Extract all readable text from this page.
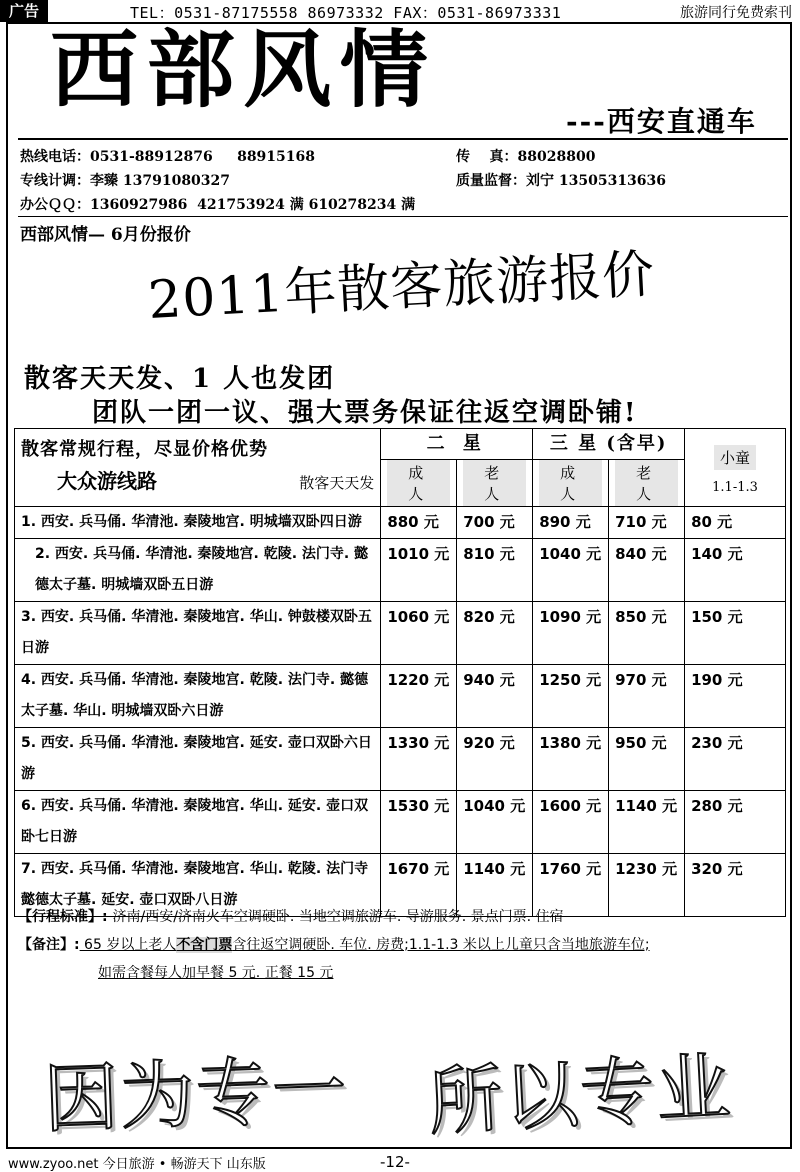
广告	TEL：0531-87175558 86973332 FAX：0531-86973331	旅游同行免费索刊
西部风情
---西安直通车
热线电话：0531-88912876     88915168	传    真：88028800
专线计调：李臻 13791080327	质量监督：刘宁 13505313636
办公ＱＱ：1360927986  421753924 满 610278234 满
西部风情— 6月份报价
2011年散客旅游报价
散客天天发、1 人也发团
团队一团一议、强大票务保证往返空调卧铺!
散客常规行程，尽显价格优势
大众游线路 散客天天发	二 星		三 星 (含早)		小童
1.1-1.3

	成 人	老 人	成 人	老 人	
1. 西安. 兵马俑. 华清池. 秦陵地宫. 明城墙双卧四日游	880 元	700 元	890 元	710 元	80 元
2. 西安. 兵马俑. 华清池. 秦陵地宫. 乾陵. 法门寺. 懿德太子墓. 明城墙双卧五日游	1010 元	810 元	1040 元	840 元	140 元
3. 西安. 兵马俑. 华清池. 秦陵地宫. 华山. 钟鼓楼双卧五日游	1060 元	820 元	1090 元	850 元	150 元
4. 西安. 兵马俑. 华清池. 秦陵地宫. 乾陵. 法门寺. 懿德太子墓. 华山. 明城墙双卧六日游	1220 元	940 元	1250 元	970 元	190 元
5. 西安. 兵马俑. 华清池. 秦陵地宫. 延安. 壶口双卧六日游	1330 元	920 元	1380 元	950 元	230 元
6. 西安. 兵马俑. 华清池. 秦陵地宫. 华山. 延安. 壶口双卧七日游	1530 元	1040 元	1600 元	1140 元	280 元
7. 西安. 兵马俑. 华清池. 秦陵地宫. 华山. 乾陵. 法门寺懿德太子墓. 延安. 壶口双卧八日游	1670 元	1140 元	1760 元	1230 元	320 元
【行程标准】: 济南/西安/济南火车空调硬卧. 当地空调旅游车. 导游服务. 景点门票. 住宿
【备注】: 65 岁以上老人不含门票含往返空调硬卧. 车位. 房费;1.1-1.3 米以上儿童只含当地旅游车位;
如需含餐每人加早餐 5 元. 正餐 15 元
因为专一 所以专业
www.zyoo.net 今日旅游 • 畅游天下 山东版	-12-
